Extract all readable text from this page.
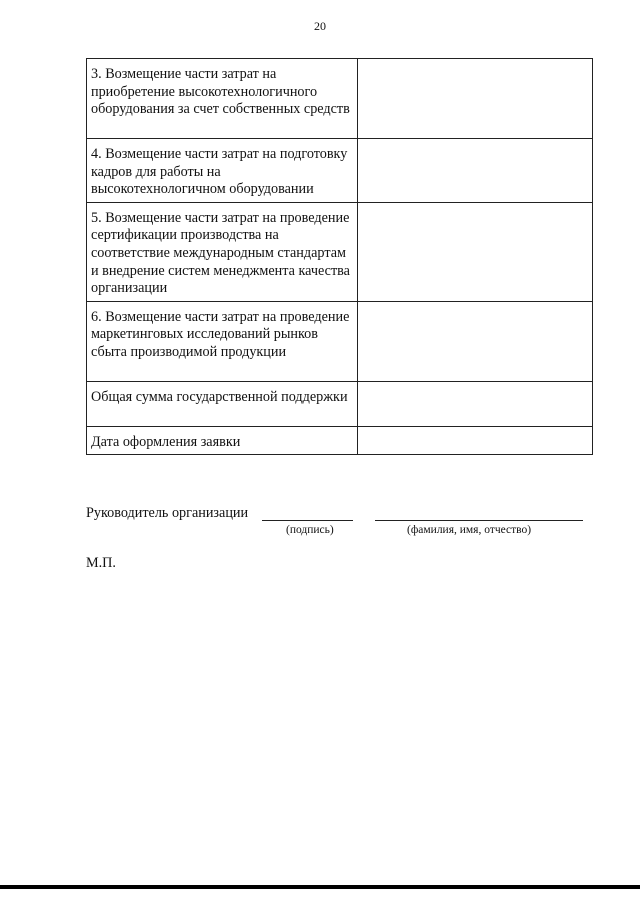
20
3. Возмещение части затрат на приобретение высокотехнологичного оборудования за счет собственных средств	
4. Возмещение части затрат на подготовку кадров для работы на высокотехнологичном оборудовании	
5. Возмещение части затрат на проведение сертификации производства на соответствие международным стандартам и внедрение систем менеджмента качества организации	
6. Возмещение части затрат на проведение маркетинговых исследований рынков сбыта производимой продукции	
Общая сумма государственной поддержки	
Дата оформления заявки	
Руководитель организации
(подпись)	(фамилия, имя, отчество)
М.П.
